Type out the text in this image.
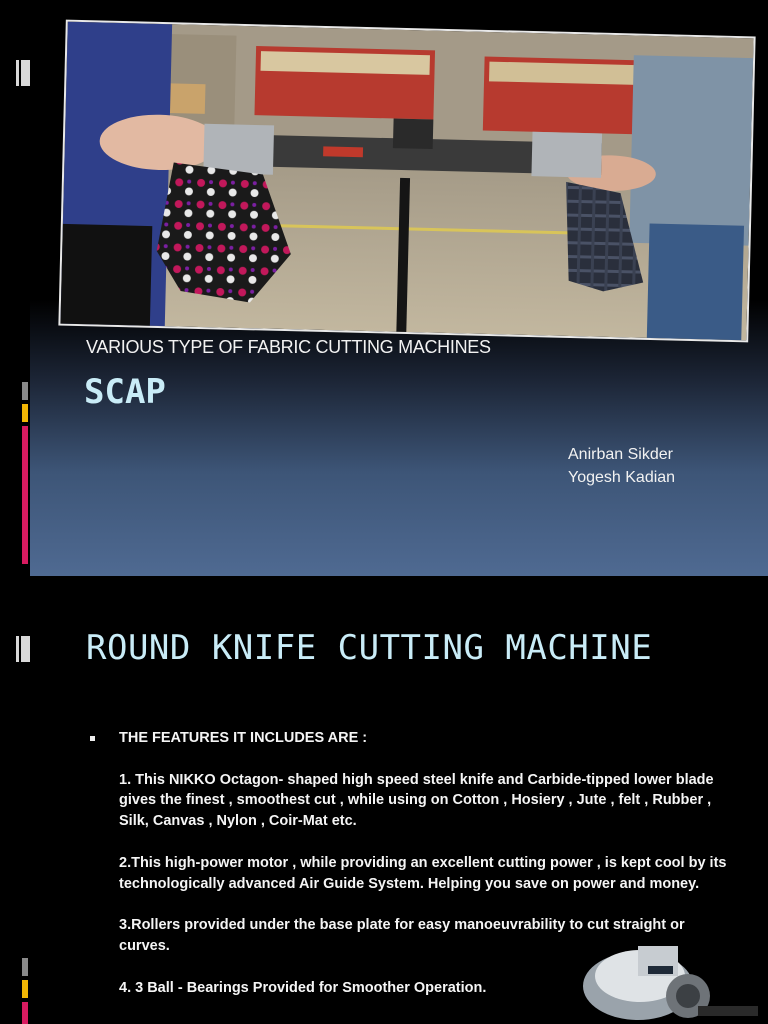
VARIOUS TYPE OF FABRIC CUTTING MACHINES
SCAP
Anirban Sikder
Yogesh Kadian
ROUND KNIFE CUTTING MACHINE

THE FEATURES IT INCLUDES ARE :

1. This NIKKO Octagon- shaped high speed steel knife and Carbide-tipped lower blade gives the finest , smoothest cut , while using on Cotton , Hosiery , Jute , felt , Rubber , Silk, Canvas , Nylon , Coir-Mat etc.

2.This high-power motor , while providing an excellent cutting power , is kept cool by its technologically advanced Air Guide System. Helping you save on power and money.

3.Rollers provided under the base plate for easy manoeuvrability to cut straight or curves.

4. 3 Ball - Bearings Provided for Smoother Operation.
